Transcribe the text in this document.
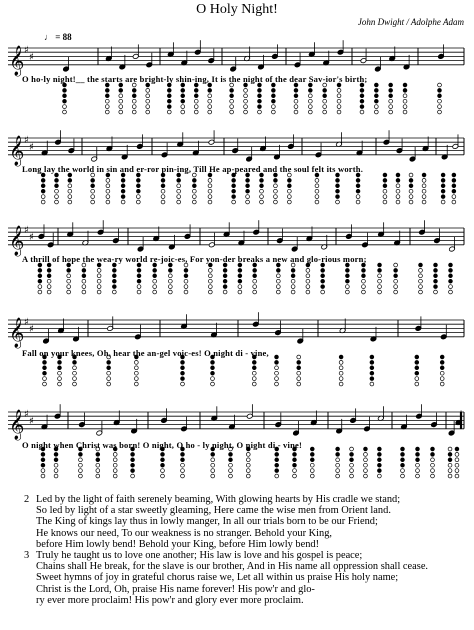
O Holy Night!
John Dwight / Adolphe Adam
♩ = 88
𝄞 ♯
♯
O ho-ly night!__ the starts are bright-ly shin-ing, It is the night of the dear Sav-ior's birth;
𝄞 ♯
♯
Long lay the world in sin and er-ror pin-ing, Till He ap-peared and the soul felt its worth.
𝄞 ♯
♯
A thrill of hope the wea-ry world re-joic-es, For yon-der breaks a new and glo-rious morn;
𝄞 ♯
♯
Fall on your knees, Oh, hear the an-gel voic-es! O night di - vine,
𝄞 ♯
♯
O night when Christ was born! O night, O ho - ly night, O night di - vine!
2 Led by the light of faith serenely beaming, With glowing hearts by His cradle we stand;
So led by light of a star sweetly gleaming, Here came the wise men from Orient land.
The King of kings lay thus in lowly manger, In all our trials born to be our Friend;
He knows our need, To our weakness is no stranger. Behold your King,
before Him lowly bend! Behold your King, before Him lowly bend!
3 Truly he taught us to love one another; His law is love and his gospel is peace;
Chains shall He break, for the slave is our brother, And in His name all oppression shall cease.
Sweet hymns of joy in grateful chorus raise we, Let all within us praise His holy name;
Christ is the Lord, Oh, praise His name forever! His pow'r and glo-
ry ever more proclaim! His pow'r and glory ever more proclaim.
